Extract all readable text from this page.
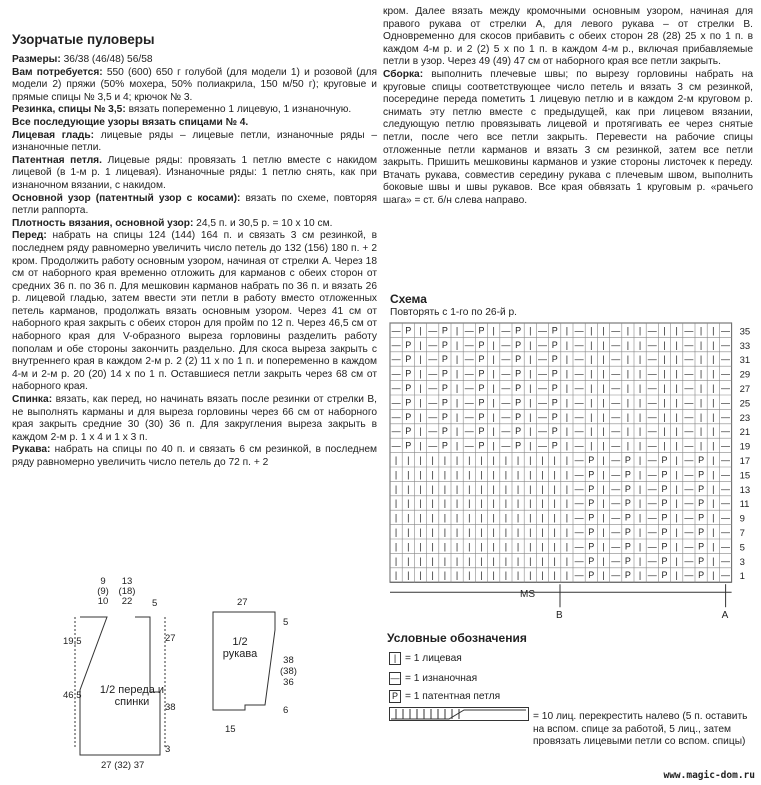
Узорчатые пуловеры

Размеры: 36/38 (46/48) 56/58

Вам потребуется: 550 (600) 650 г голубой (для модели 1) и розовой (для модели 2) пряжи (50% мохера, 50% полиакрила, 150 м/50 г); круговые и прямые спицы № 3,5 и 4; крючок № 3.

Резинка, спицы № 3,5: вязать попеременно 1 лицевую, 1 изнаночную.

Все последующие узоры вязать спицами № 4.

Лицевая гладь: лицевые ряды – лицевые петли, изнаночные ряды – изнаночные петли.

Патентная петля. Лицевые ряды: провязать 1 петлю вместе с накидом лицевой (в 1-м р. 1 лицевая). Изнаночные ряды: 1 петлю снять, как при изнаночном вязании, с накидом.

Основной узор (патентный узор с косами): вязать по схеме, повторяя петли раппорта.

Плотность вязания, основной узор: 24,5 п. и 30,5 р. = 10 х 10 см.

Перед: набрать на спицы 124 (144) 164 п. и связать 3 см резинкой, в последнем ряду равномерно увеличить число петель до 132 (156) 180 п. + 2 кром. Продолжить работу основным узором, начиная от стрелки А. Через 18 см от наборного края временно отложить для карманов с обеих сторон от средних 36 п. по 36 п. Для мешковин карманов набрать по 36 п. и вязать 26 р. лицевой гладью, затем ввести эти петли в работу вместо отложенных петель карманов, продолжать вязать основным узором. Через 41 см от наборного края закрыть с обеих сторон для пройм по 12 п. Через 46,5 см от наборного края для V-образного выреза горловины разделить работу пополам и обе стороны закончить раздельно. Для скоса выреза закрыть с внутреннего края в каждом 2-м р. 2 (2) 11 х по 1 п. и попеременно в каждом 4-м и 2-м р. 20 (20) 14 х по 1 п. Оставшиеся петли закрыть через 68 см от наборного края.

Спинка: вязать, как перед, но начинать вязать после резинки от стрелки В, не выполнять карманы и для выреза горловины через 66 см от наборного края закрыть средние 30 (30) 36 п. Для закругления выреза закрыть в каждом 2-м р. 1 х 4 и 1 х 3 п.

Рукава: набрать на спицы по 40 п. и связать 6 см резинкой, в последнем ряду равномерно увеличить число петель до 72 п. + 2

кром. Далее вязать между кромочными основным узором, начиная для правого рукава от стрелки А, для левого рукава – от стрелки В. Одновременно для скосов прибавить с обеих сторон 28 (28) 25 х по 1 п. в каждом 4-м р. и 2 (2) 5 х по 1 п. в каждом 4-м р., включая прибавляемые петли в узор. Через 49 (49) 47 см от наборного края все петли закрыть.

Сборка: выполнить плечевые швы; по вырезу горловины набрать на круговые спицы соответствующее число петель и вязать 3 см резинкой, посередине переда пометить 1 лицевую петлю и в каждом 2-м круговом р. снимать эту петлю вместе с предыдущей, как при лицевом вязании, следующую петлю провязывать лицевой и протягивать ее через снятые петли, после чего все петли закрыть. Перевести на рабочие спицы отложенные петли карманов и вязать 3 см резинкой, затем все петли закрыть. Пришить мешковины карманов и узкие стороны листочек к переду. Втачать рукава, совместив середину рукава с плечевым швом, выполнить боковые швы и швы рукавов. Все края обвязать 1 круговым р. «рачьего шага» = ст. б/н слева направо.

Схема
Повторять с 1-го по 26-й р.
— P | — P | — P | — P | — P | — | | — | | — | | — | | —
— P | — P | — P | — P | — P | — | | — | | — | | — | | —
— P | — P | — P | — P | — P | — | | — | | — | | — | | —
— P | — P | — P | — P | — P | — | | — | | — | | — | | —
— P | — P | — P | — P | — P | — | | — | | — | | — | | —
— P | — P | — P | — P | — P | — | | — | | — | | — | | —
— P | — P | — P | — P | — P | — | | — | | — | | — | | —
— P | — P | — P | — P | — P | — | | — | | — | | — | | —
— P | — P | — P | — P | — P | — | | — | | — | | — | | —
| | | | | | | | | | | | | | | — P | — P | — P | — P | —
| | | | | | | | | | | | | | | — P | — P | — P | — P | —
| | | | | | | | | | | | | | | — P | — P | — P | — P | —
| | | | | | | | | | | | | | | — P | — P | — P | — P | —
| | | | | | | | | | | | | | | — P | — P | — P | — P | —
| | | | | | | | | | | | | | | — P | — P | — P | — P | —
| | | | | | | | | | | | | | | — P | — P | — P | — P | —
| | | | | | | | | | | | | | | — P | — P | — P | — P | —
| | | | | | | | | | | | | | | — P | — P | — P | — P | —
35
33
31
29
27
25
23
21
19
17
15
13
11
9
7
5
3
1
MS
A
B
Условные обозначения
| = 1 лицевая
— = 1 изнаночная
P = 1 патентная петля
= 10 лиц. перекрестить налево (5 п. оставить на вспом. спице за работой, 5 лиц., затем провязать лицевыми петли со вспом. спицы)
9
(9)
10
13
(18)
22	5
19,5
46,5
27
38
3
1/2 переда и спинки
27 (32) 37
27
5
38
(38)
36
6
1/2 рукава
15
www.magic-dom.ru
